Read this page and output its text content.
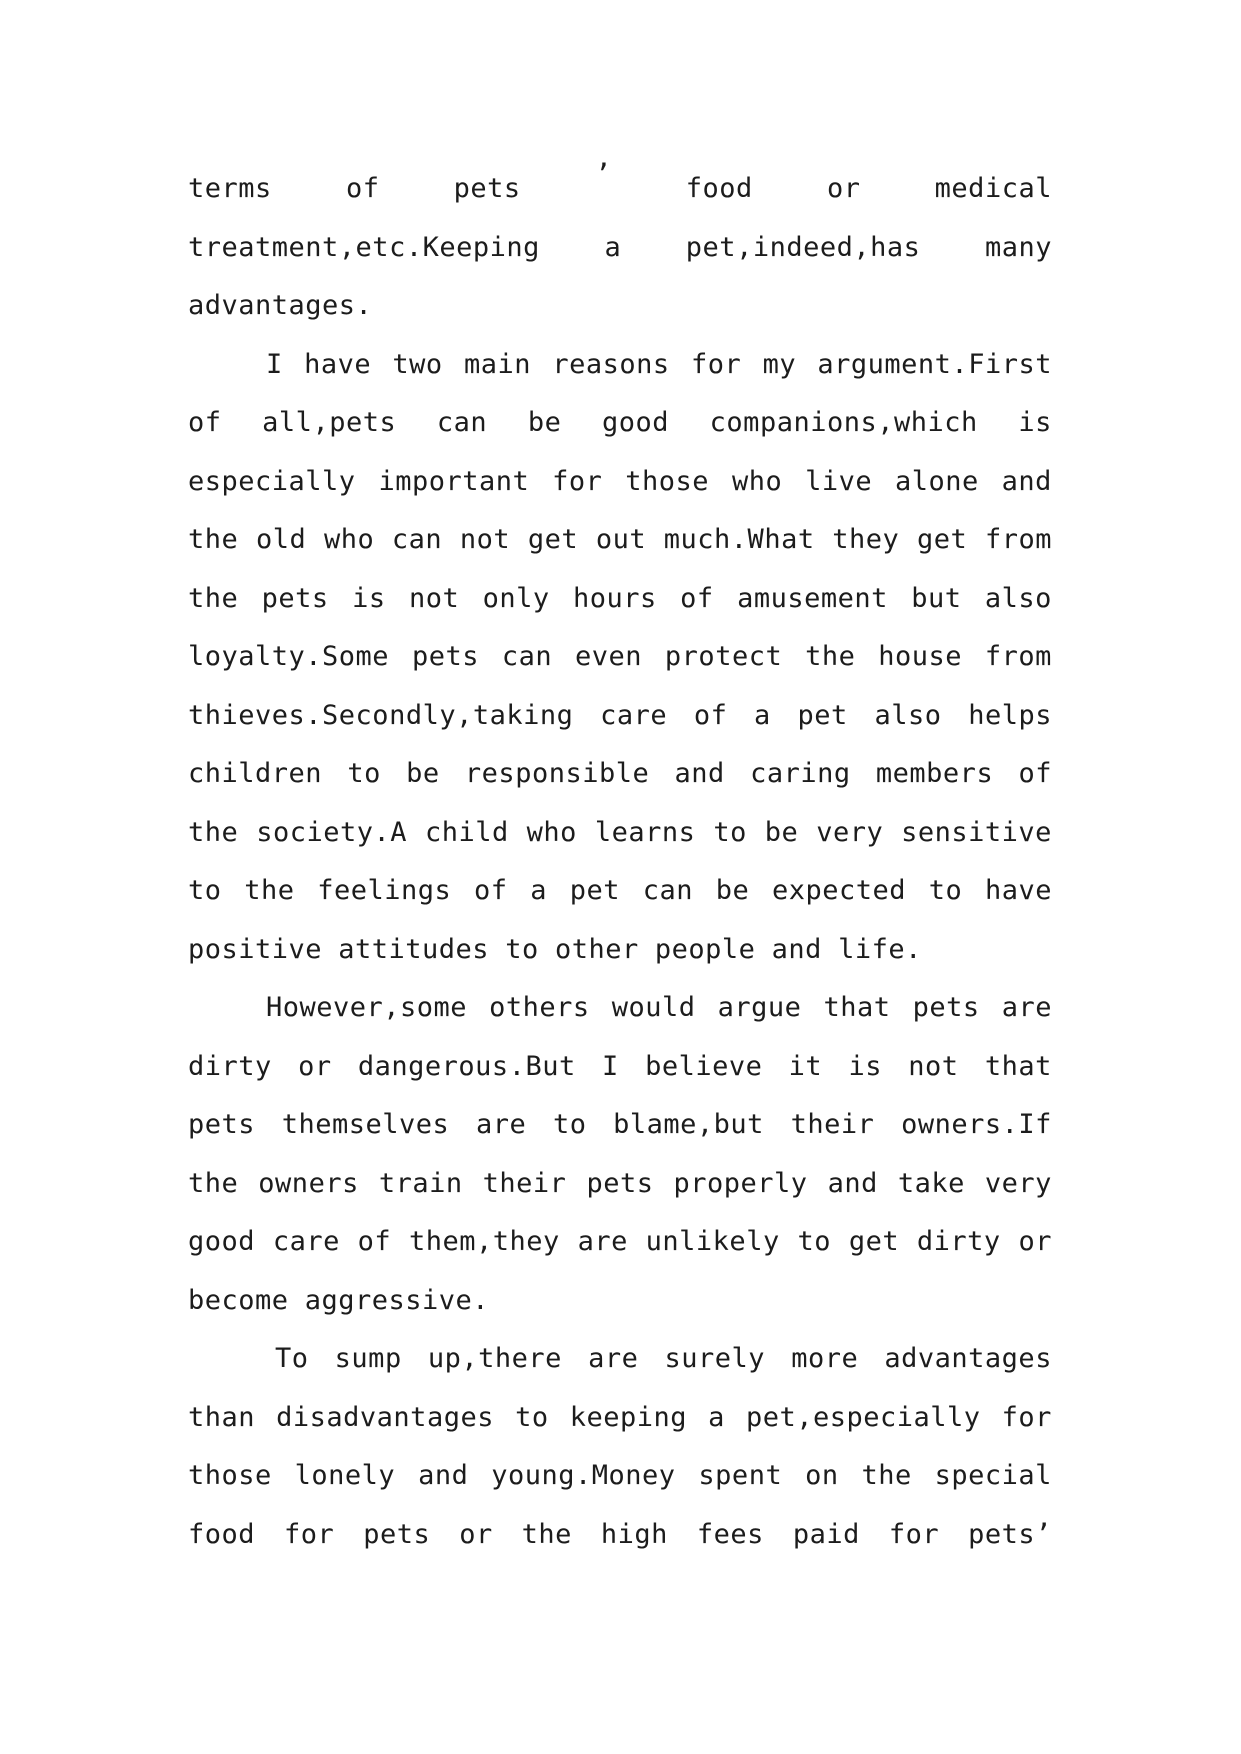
terms	of	pets	’	food	or	medical
treatment,etc.Keeping a pet,indeed,has many
advantages.
I have two main reasons for my argument.First
of all,pets can be good companions,which is
especially important for those who live alone and
the old who can not get out much.What they get from
the pets is not only hours of amusement but also
loyalty.Some pets can even protect the house from
thieves.Secondly,taking care of a pet also helps
children to be responsible and caring members of
the society.A child who learns to be very sensitive
to the feelings of a pet can be expected to have
positive attitudes to other people and life.
However,some others would argue that pets are
dirty or dangerous.But I believe it is not that
pets themselves are to blame,but their owners.If
the owners train their pets properly and take very
good care of them,they are unlikely to get dirty or
become aggressive.
To sump up,there are surely more advantages
than disadvantages to keeping a pet,especially for
those lonely and young.Money spent on the special
food for pets or the high fees paid for pets’
